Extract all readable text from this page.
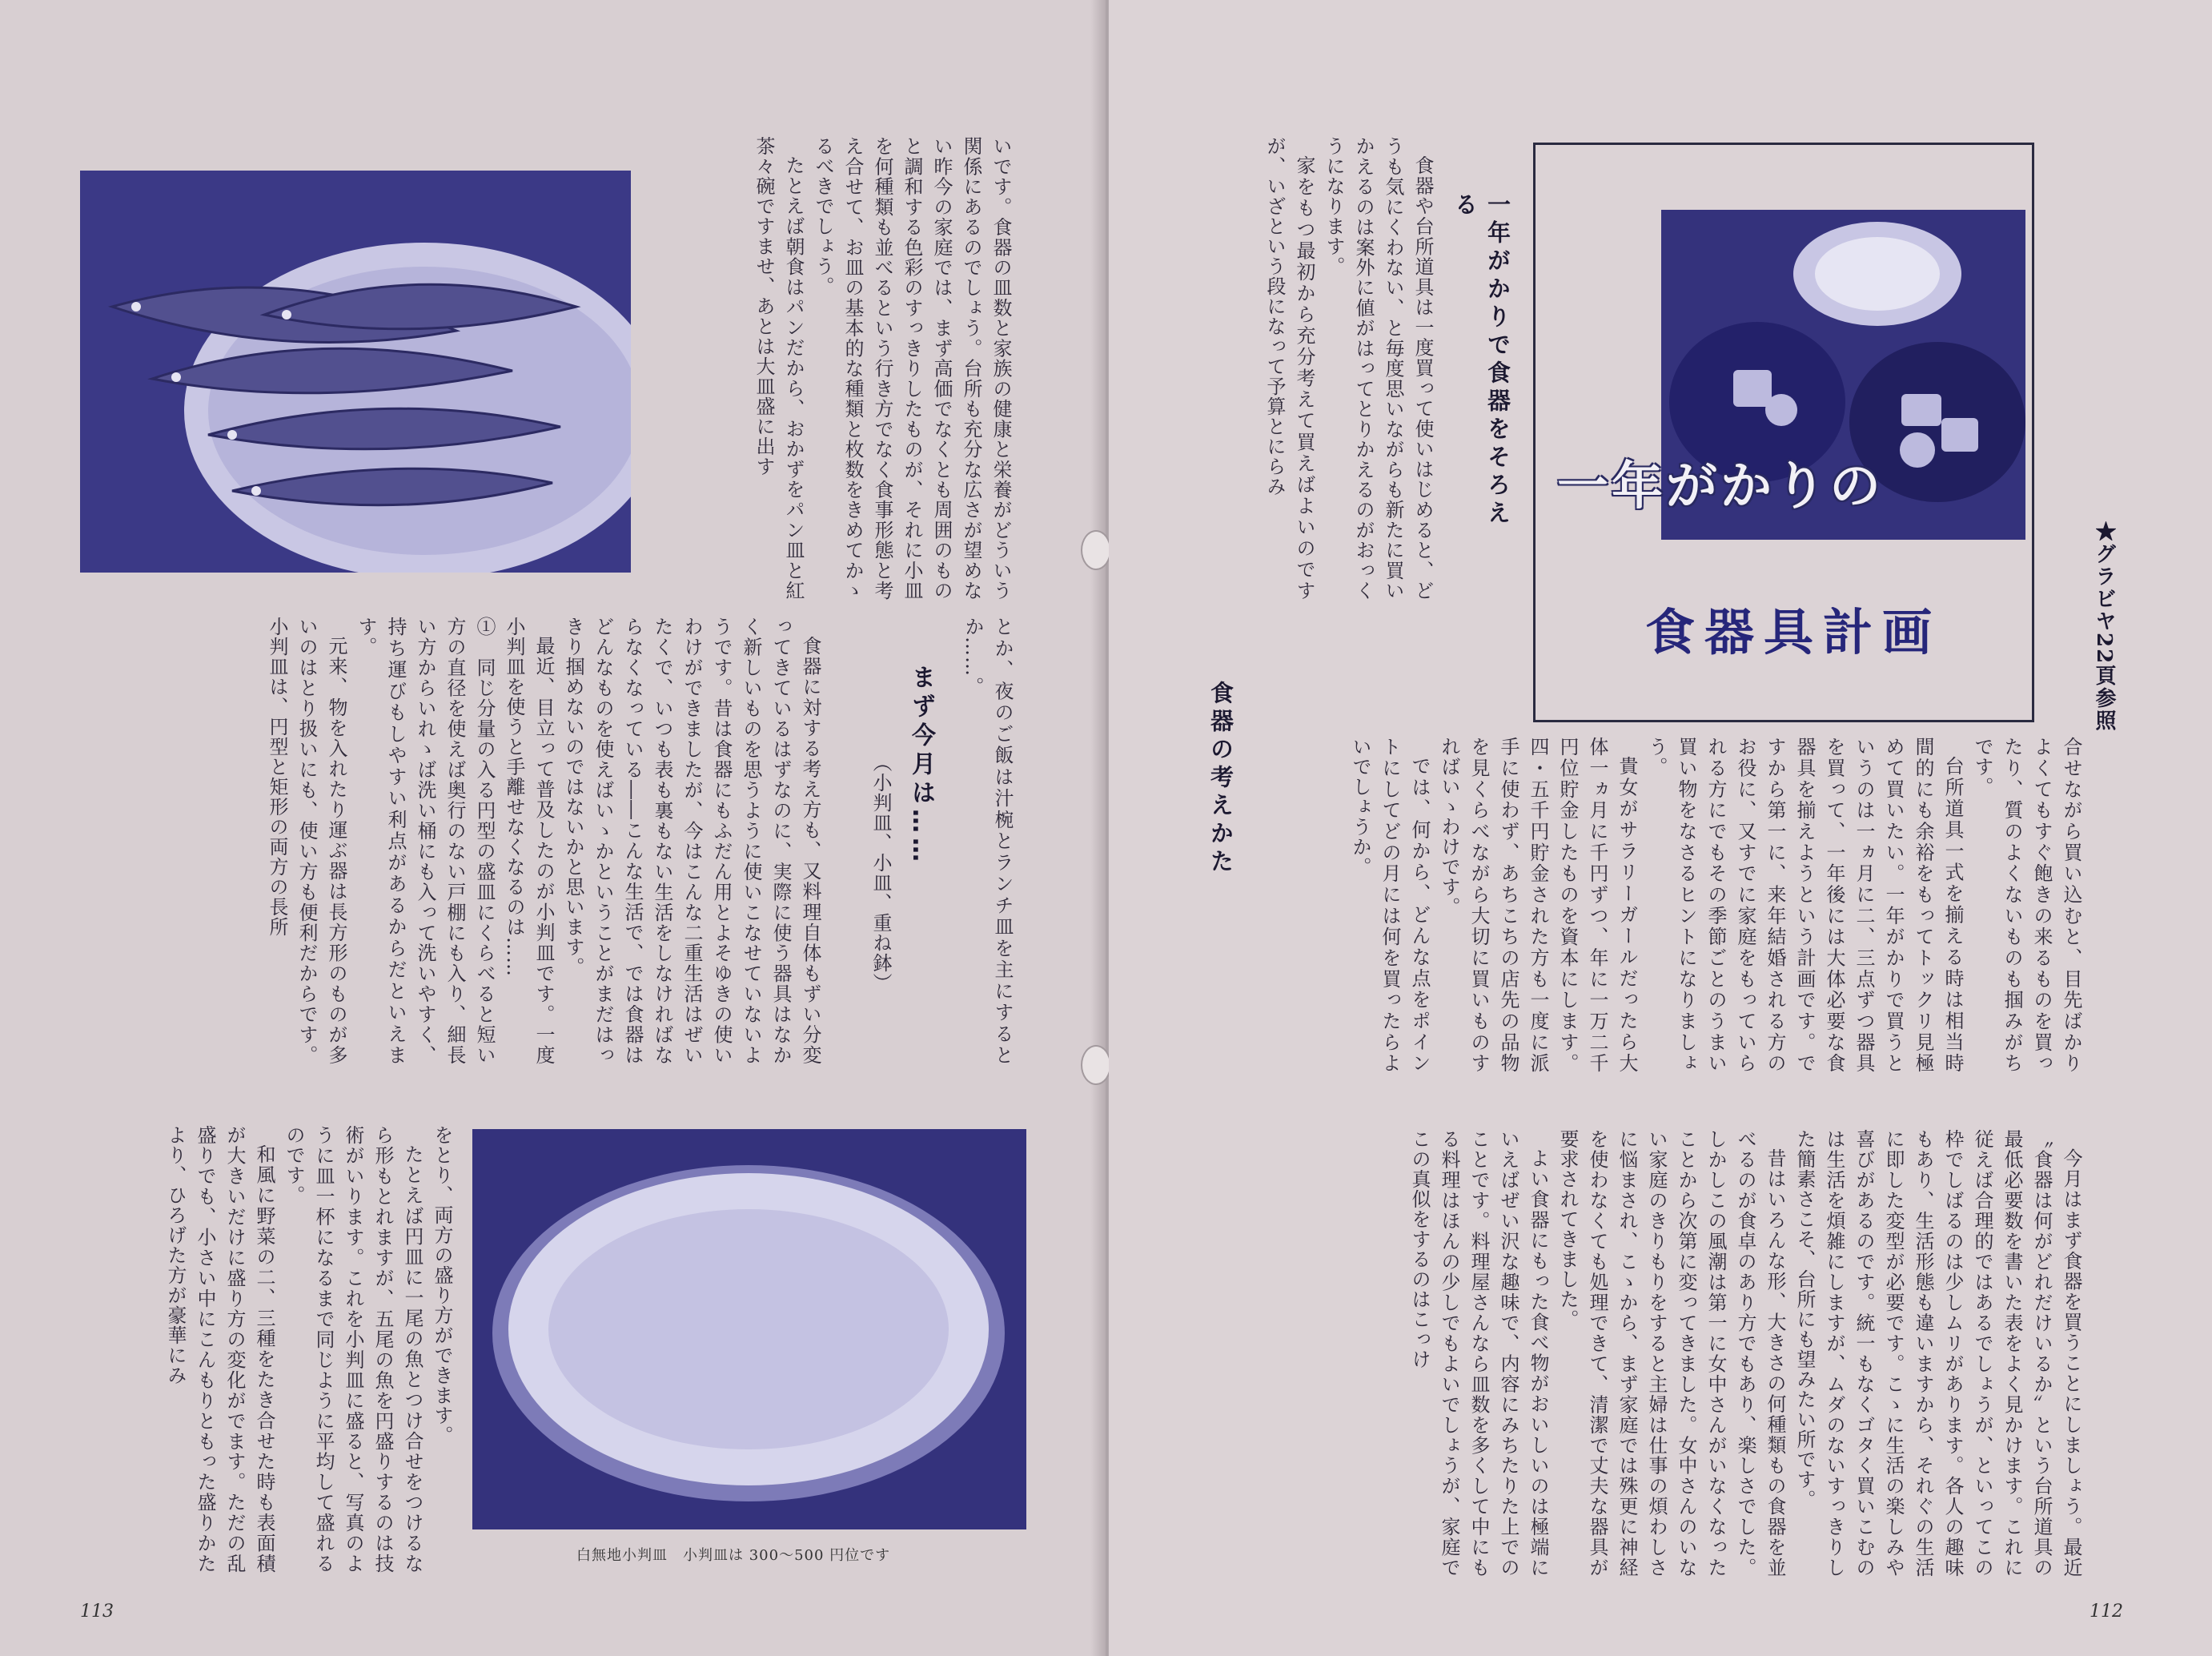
いです。食器の皿数と家族の健康と栄養がどういう関係にあるのでしょう。台所も充分な広さが望めない昨今の家庭では、まず高価でなくとも周囲のものと調和する色彩のすっきりしたものが、それに小皿を何種類も並べるという行き方でなく食事形態と考え合せて、お皿の基本的な種類と枚数をきめてかゝるべきでしょう。

たとえば朝食はパンだから、おかずをパン皿と紅茶々碗ですませ、あとは大皿盛に出す

とか、夜のご飯は汁椀とランチ皿を主にするとか……。

まず今月は……
（小判皿、小皿、重ね鉢）

食器に対する考え方も、又料理自体もずい分変ってきているはずなのに、実際に使う器具はなかく新しいものを思うように使いこなせていないようです。昔は食器にもふだん用とよそゆきの使いわけができましたが、今はこんな二重生活はぜいたくで、いつも表も裏もない生活をしなければならなくなっている――こんな生活で、では食器はどんなものを使えばいゝかということがまだはっきり掴めないのではないかと思います。

最近、目立って普及したのが小判皿です。一度小判皿を使うと手離せなくなるのは……

①　同じ分量の入る円型の盛皿にくらべると短い方の直径を使えば奥行のない戸棚にも入り、細長い方からいれゝば洗い桶にも入って洗いやすく、持ち運びもしやすい利点があるからだといえます。

元来、物を入れたり運ぶ器は長方形のものが多いのはとり扱いにも、使い方も便利だからです。小判皿は、円型と矩形の両方の長所

白無地小判皿　小判皿は 300〜500 円位です

をとり、両方の盛り方ができます。

たとえば円皿に一尾の魚とつけ合せをつけるなら形もとれますが、五尾の魚を円盛りするのは技術がいります。これを小判皿に盛ると、写真のように皿一杯になるまで同じように平均して盛れるのです。

和風に野菜の二、三種をたき合せた時も表面積が大きいだけに盛り方の変化がでます。ただの乱盛りでも、小さい中にこんもりともった盛りかたより、ひろげた方が豪華にみ

113
一年がかりの
食器具計画	★グラビヤ22頁参照
一年がかりで食器をそろえる

食器や台所道具は一度買って使いはじめると、どうも気にくわない、と毎度思いながらも新たに買いかえるのは案外に値がはってとりかえるのがおっくうになります。

家をもつ最初から充分考えて買えばよいのですが、いざという段になって予算とにらみ

食器の考えかた	合せながら買い込むと、目先ばかりよくてもすぐ飽きの来るものを買ったり、質のよくないものも掴みがちです。

台所道具一式を揃える時は相当時間的にも余裕をもってトックリ見極めて買いたい。一年がかりで買うというのは一ヵ月に二、三点ずつ器具を買って、一年後には大体必要な食器具を揃えようという計画です。ですから第一に、来年結婚される方のお役に、又すでに家庭をもっていられる方にでもその季節ごとのうまい買い物をなさるヒントになりましょう。

貴女がサラリーガールだったら大体一ヵ月に千円ずつ、年に一万二千円位貯金したものを資本にします。四・五千円貯金された方も一度に派手に使わず、あちこちの店先の品物を見くらべながら大切に買いものすればいゝわけです。

では、何から、どんな点をポイントにしてどの月には何を買ったらよいでしょうか。

今月はまず食器を買うことにしましょう。最近〝食器は何がどれだけいるか〟という台所道具の最低必要数を書いた表をよく見かけます。これに従えば合理的ではあるでしょうが、といってこの枠でしばるのは少しムリがあります。各人の趣味もあり、生活形態も違いますから、それぐの生活に即した変型が必要です。こゝに生活の楽しみや喜びがあるのです。統一もなくゴタく買いこむのは生活を煩雑にしますが、ムダのないすっきりした簡素さこそ、台所にも望みたい所です。

昔はいろんな形、大きさの何種類もの食器を並べるのが食卓のあり方でもあり、楽しさでした。しかしこの風潮は第一に女中さんがいなくなったことから次第に変ってきました。女中さんのいない家庭のきりもりをすると主婦は仕事の煩わしさに悩まされ、こゝから、まず家庭では殊更に神経を使わなくても処理できて、清潔で丈夫な器具が要求されてきました。

よい食器にもった食べ物がおいしいのは極端にいえばぜい沢な趣味で、内容にみちたりた上でのことです。料理屋さんなら皿数を多くして中にもる料理はほんの少しでもよいでしょうが、家庭でこの真似をするのはこっけ

112
